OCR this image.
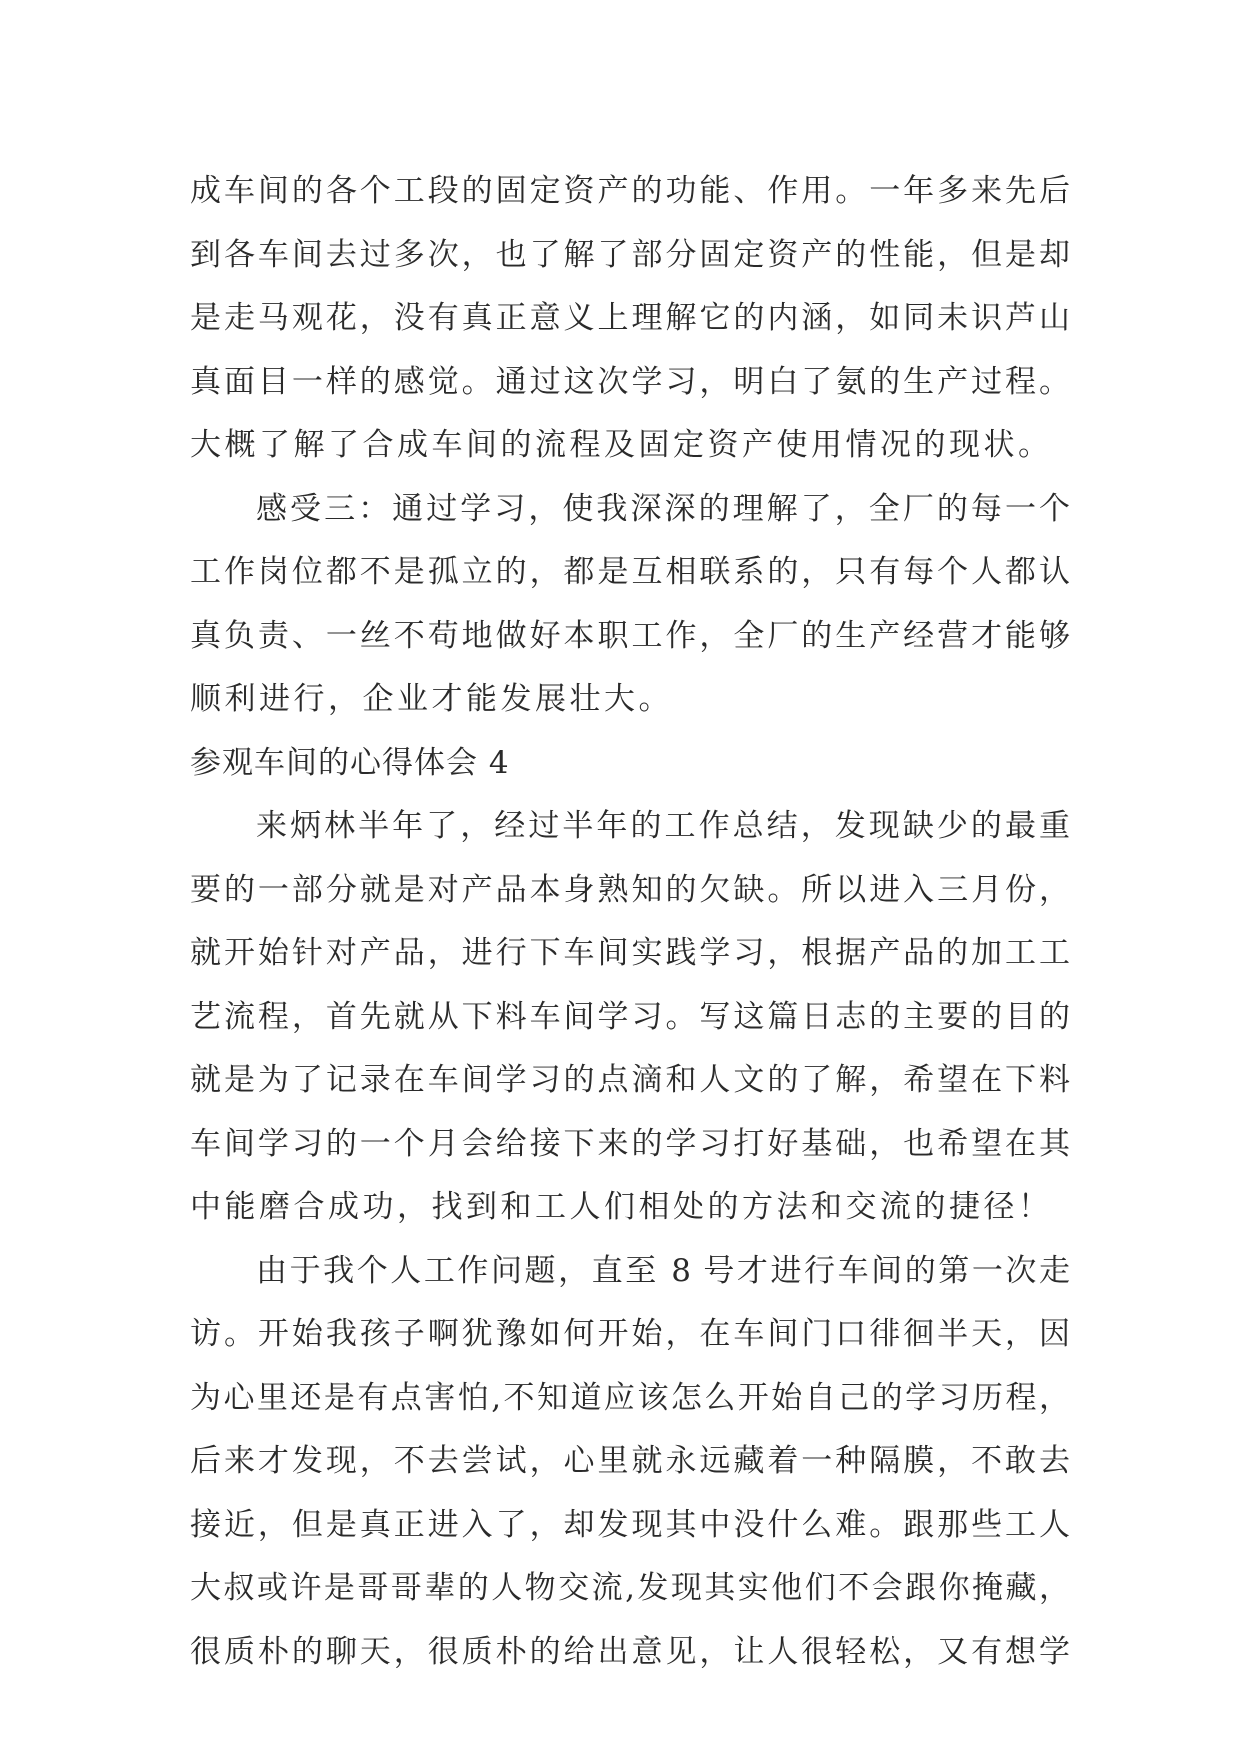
成车间的各个工段的固定资产的功能、作用。一年多来先后
到各车间去过多次，也了解了部分固定资产的性能，但是却
是走马观花，没有真正意义上理解它的内涵，如同未识芦山
真面目一样的感觉。通过这次学习，明白了氨的生产过程。
大概了解了合成车间的流程及固定资产使用情况的现状。
感受三：通过学习，使我深深的理解了，全厂的每一个
工作岗位都不是孤立的，都是互相联系的，只有每个人都认
真负责、一丝不苟地做好本职工作，全厂的生产经营才能够
顺利进行，企业才能发展壮大。
参观车间的心得体会 4
来炳林半年了，经过半年的工作总结，发现缺少的最重
要的一部分就是对产品本身熟知的欠缺。所以进入三月份，
就开始针对产品，进行下车间实践学习，根据产品的加工工
艺流程，首先就从下料车间学习。写这篇日志的主要的目的
就是为了记录在车间学习的点滴和人文的了解，希望在下料
车间学习的一个月会给接下来的学习打好基础，也希望在其
中能磨合成功，找到和工人们相处的方法和交流的捷径！
由于我个人工作问题，直至 8 号才进行车间的第一次走
访。开始我孩子啊犹豫如何开始，在车间门口徘徊半天，因
为心里还是有点害怕,不知道应该怎么开始自己的学习历程，
后来才发现，不去尝试，心里就永远藏着一种隔膜，不敢去
接近，但是真正进入了，却发现其中没什么难。跟那些工人
大叔或许是哥哥辈的人物交流,发现其实他们不会跟你掩藏，
很质朴的聊天，很质朴的给出意见，让人很轻松，又有想学
